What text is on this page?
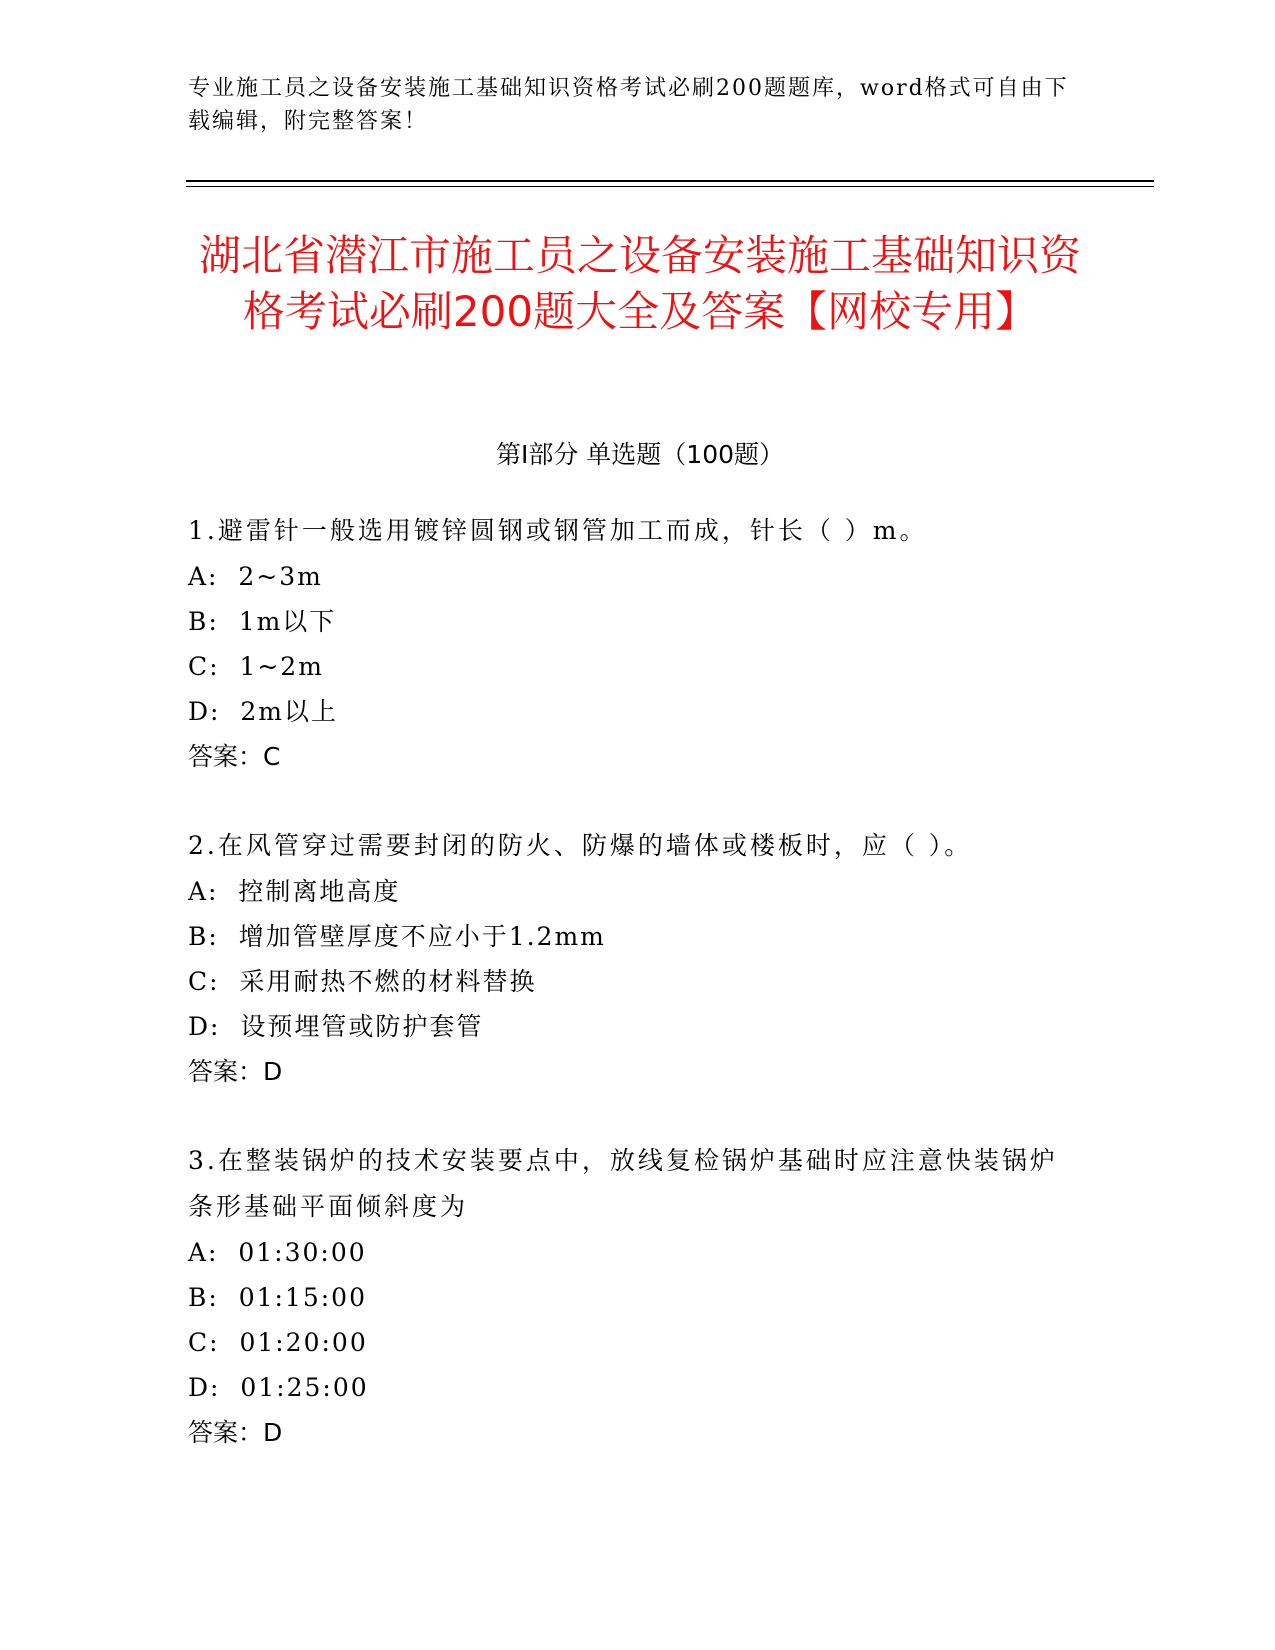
专业施工员之设备安装施工基础知识资格考试必刷200题题库，word格式可自由下载编辑，附完整答案！
湖北省潜江市施工员之设备安装施工基础知识资格考试必刷200题大全及答案【网校专用】
第Ⅰ部分 单选题（100题）

1.避雷针一般选用镀锌圆钢或钢管加工而成，针长（ ）m。

A:  2~3m

B:  1m以下

C:  1~2m

D:  2m以上

答案：C

2.在风管穿过需要封闭的防火、防爆的墙体或楼板时，应（ ）。

A:  控制离地高度

B:  增加管壁厚度不应小于1.2mm

C:  采用耐热不燃的材料替换

D:  设预埋管或防护套管

答案：D

3.在整装锅炉的技术安装要点中，放线复检锅炉基础时应注意快装锅炉条形基础平面倾斜度为

A:  01:30:00

B:  01:15:00

C:  01:20:00

D:  01:25:00

答案：D
